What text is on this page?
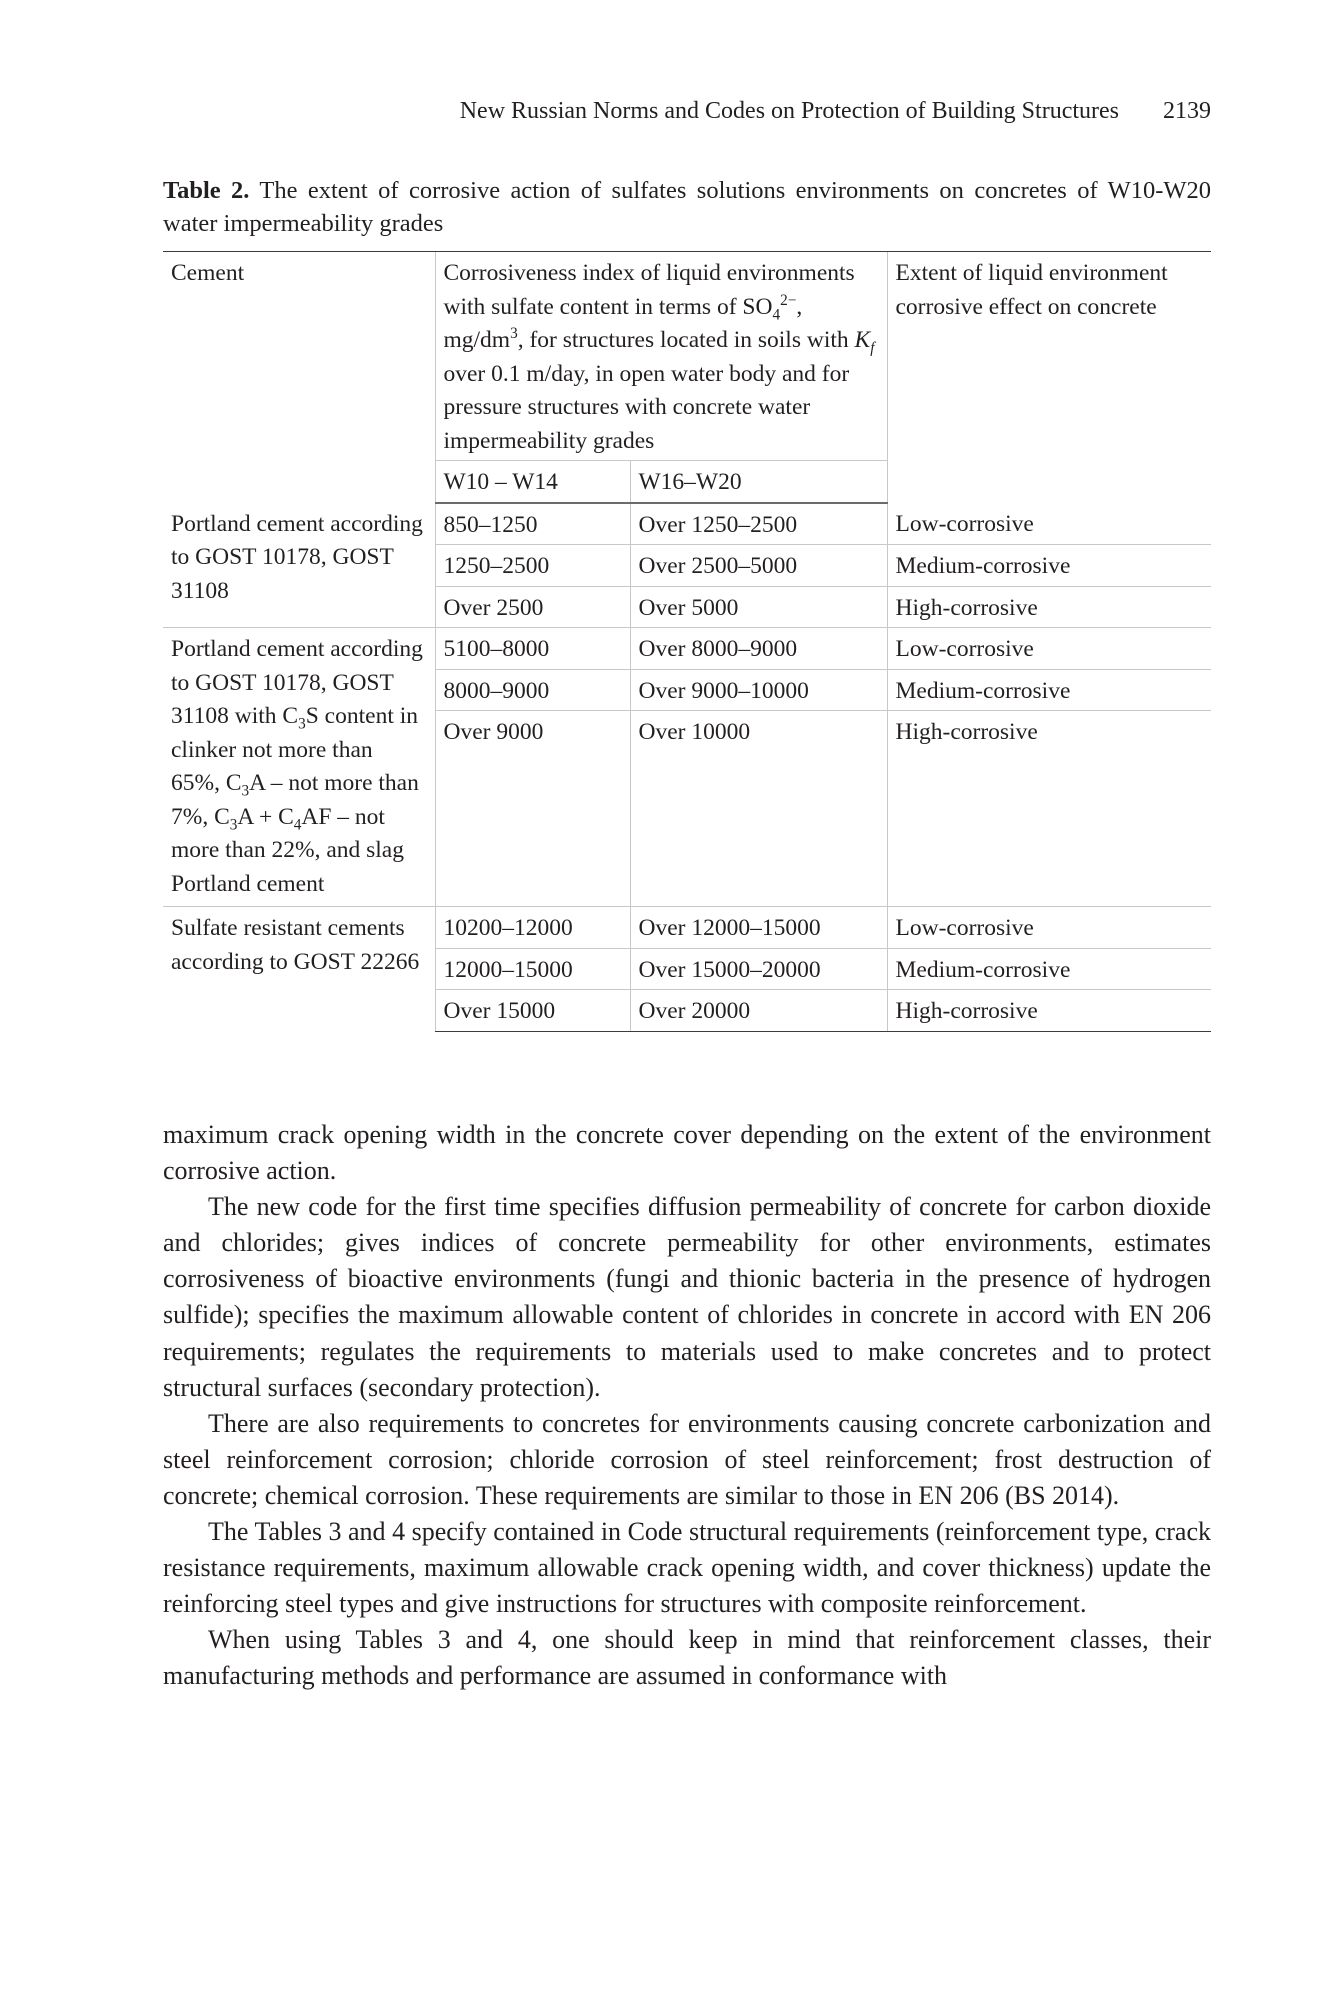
New Russian Norms and Codes on Protection of Building Structures 2139
Table 2. The extent of corrosive action of sulfates solutions environments on concretes of W10-W20 water impermeability grades
Cement	Corrosiveness index of liquid environments with sulfate content in terms of $SO_4^{2-}$, $mg/dm^3$, for structures located in soils with $K_f$ over 0.1 m/day, in open water body and for pressure structures with concrete water impermeability grades		Extent of liquid environment corrosive effect on concrete
	W10 – W14	W16–W20	
Portland cement according to GOST 10178, GOST 31108	850–1250	Over 1250–2500	Low-corrosive
	1250–2500	Over 2500–5000	Medium-corrosive
	Over 2500	Over 5000	High-corrosive
Portland cement according to GOST 10178, GOST 31108 with $C_3S$ content in clinker not more than 65%, $C_3A$ – not more than 7%, $C_3A + C_4AF$ – not more than 22%, and slag Portland cement	5100–8000	Over 8000–9000	Low-corrosive
	8000–9000	Over 9000–10000	Medium-corrosive
	Over 9000	Over 10000	High-corrosive
Sulfate resistant cements according to GOST 22266	10200–12000	Over 12000–15000	Low-corrosive
	12000–15000	Over 15000–20000	Medium-corrosive
	Over 15000	Over 20000	High-corrosive

maximum crack opening width in the concrete cover depending on the extent of the environment corrosive action.

The new code for the first time specifies diffusion permeability of concrete for carbon dioxide and chlorides; gives indices of concrete permeability for other environments, estimates corrosiveness of bioactive environments (fungi and thionic bacteria in the presence of hydrogen sulfide); specifies the maximum allowable content of chlorides in concrete in accord with EN 206 requirements; regulates the requirements to materials used to make concretes and to protect structural surfaces (secondary protection).

There are also requirements to concretes for environments causing concrete carbonization and steel reinforcement corrosion; chloride corrosion of steel reinforcement; frost destruction of concrete; chemical corrosion. These requirements are similar to those in EN 206 (BS 2014).

The Tables 3 and 4 specify contained in Code structural requirements (reinforcement type, crack resistance requirements, maximum allowable crack opening width, and cover thickness) update the reinforcing steel types and give instructions for structures with composite reinforcement.

When using Tables 3 and 4, one should keep in mind that reinforcement classes, their manufacturing methods and performance are assumed in conformance with
